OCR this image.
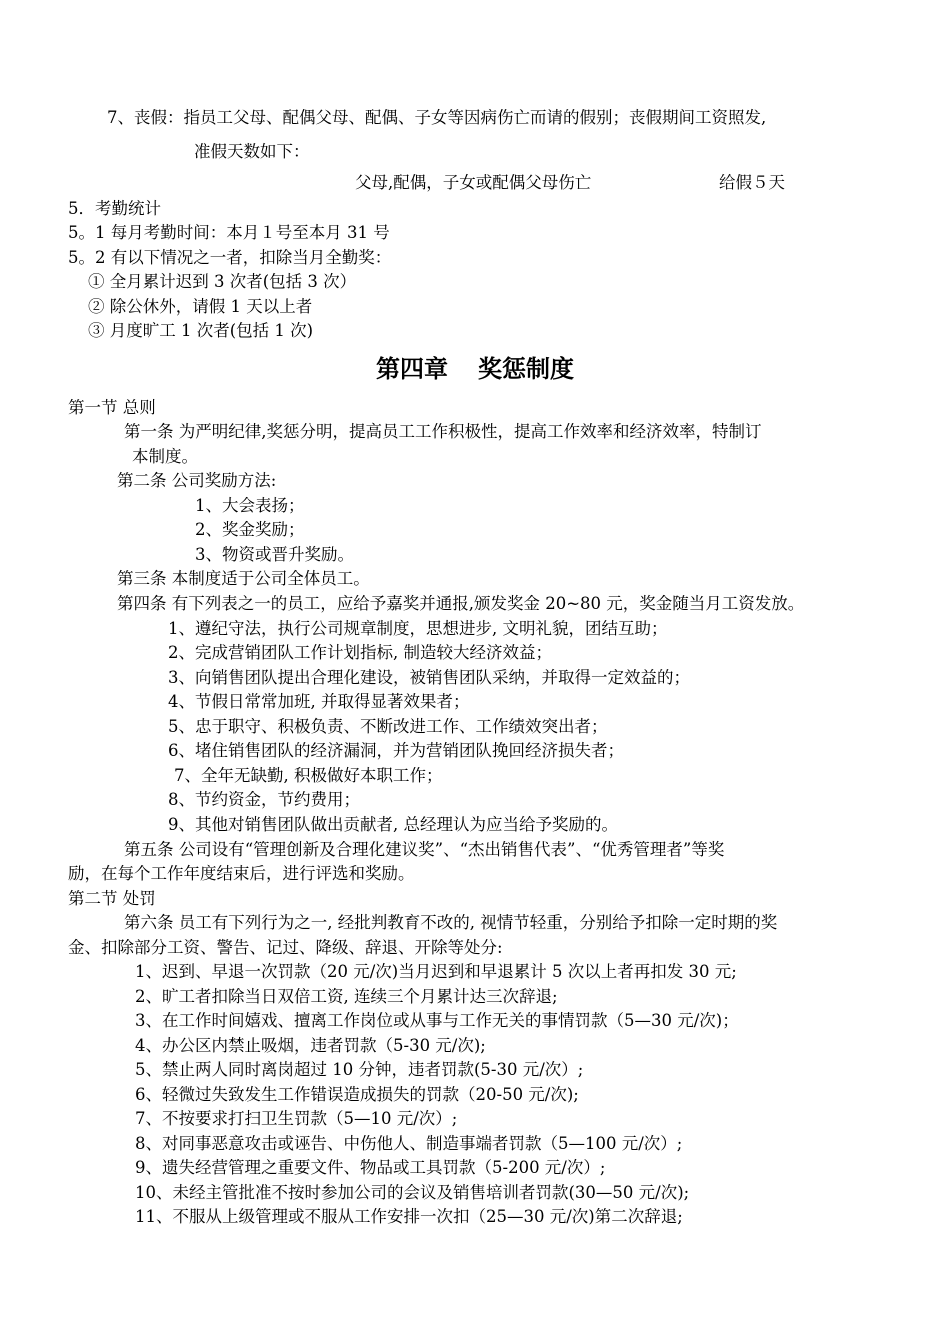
7、丧假：指员工父母、配偶父母、配偶、子女等因病伤亡而请的假别；丧假期间工资照发,
准假天数如下：
父母,配偶，子女或配偶父母伤亡	给假５天
5．考勤统计
5。1 每月考勤时间：本月１号至本月 31 号
5。2 有以下情况之一者，扣除当月全勤奖：
① 全月累计迟到 3 次者(包括 3 次）
② 除公休外，请假 1 天以上者
③ 月度旷工 1 次者(包括 1 次)
第四章 奖惩制度
第一节 总则
第一条 为严明纪律,奖惩分明，提高员工工作积极性，提高工作效率和经济效率，特制订
本制度。
第二条 公司奖励方法:
1、大会表扬；
2、奖金奖励；
3、物资或晋升奖励。
第三条 本制度适于公司全体员工。
第四条 有下列表之一的员工，应给予嘉奖并通报,颁发奖金 20~80 元，奖金随当月工资发放。
1、遵纪守法，执行公司规章制度，思想进步, 文明礼貌，团结互助；
2、完成营销团队工作计划指标, 制造较大经济效益；
3、向销售团队提出合理化建设，被销售团队采纳，并取得一定效益的；
4、节假日常常加班, 并取得显著效果者；
5、忠于职守、积极负责、不断改进工作、工作绩效突出者；
6、堵住销售团队的经济漏洞，并为营销团队挽回经济损失者；
7、全年无缺勤, 积极做好本职工作；
8、节约资金，节约费用；
9、其他对销售团队做出贡献者, 总经理认为应当给予奖励的。
第五条 公司设有“管理创新及合理化建议奖”、“杰出销售代表”、“优秀管理者”等奖
励，在每个工作年度结束后，进行评选和奖励。
第二节 处罚
第六条 员工有下列行为之一, 经批判教育不改的, 视情节轻重，分别给予扣除一定时期的奖
金、扣除部分工资、警告、记过、降级、辞退、开除等处分:
1、迟到、早退一次罚款（20 元/次)当月迟到和早退累计 5 次以上者再扣发 30 元;
2、旷工者扣除当日双倍工资, 连续三个月累计达三次辞退;
3、在工作时间嬉戏、擅离工作岗位或从事与工作无关的事情罚款（5—30 元/次)；
4、办公区内禁止吸烟，违者罚款（5-30 元/次);
5、禁止两人同时离岗超过 10 分钟，违者罚款(5-30 元/次）;
6、轻微过失致发生工作错误造成损失的罚款（20-50 元/次);
7、不按要求打扫卫生罚款（5—10 元/次）;
8、对同事恶意攻击或诬告、中伤他人、制造事端者罚款（5—100 元/次）;
9、遗失经营管理之重要文件、物品或工具罚款（5-200 元/次）;
10、未经主管批准不按时参加公司的会议及销售培训者罚款(30—50 元/次);
11、不服从上级管理或不服从工作安排一次扣（25—30 元/次)第二次辞退;
